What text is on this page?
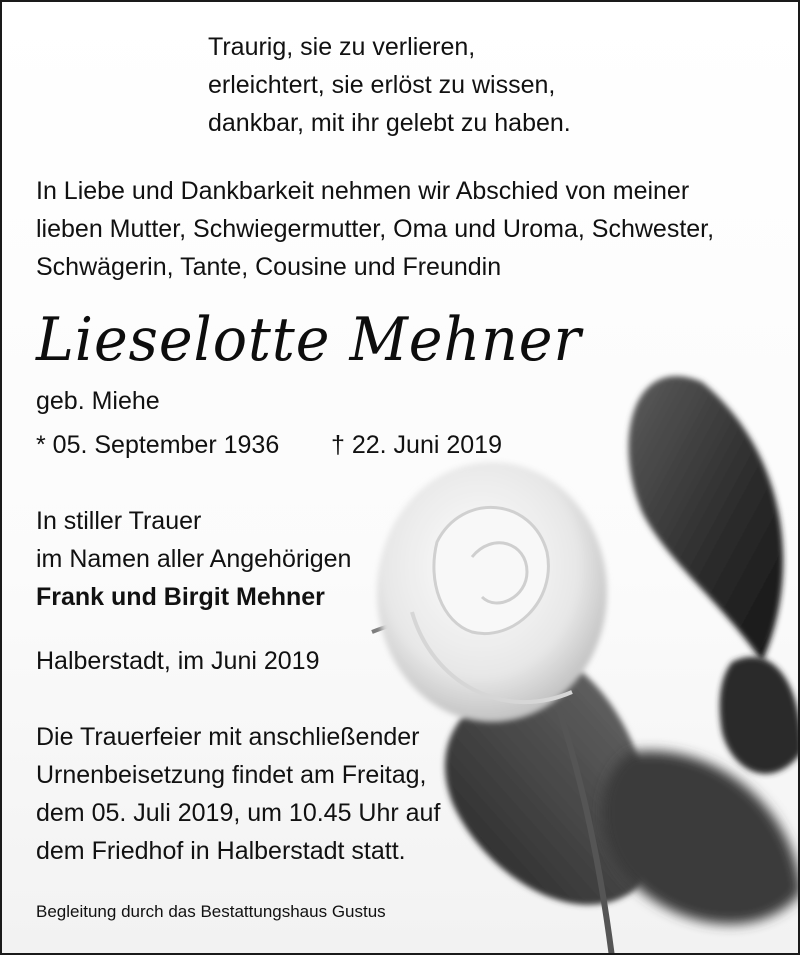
Traurig, sie zu verlieren,
erleichtert, sie erlöst zu wissen,
dankbar, mit ihr gelebt zu haben.
In Liebe und Dankbarkeit nehmen wir Abschied von meiner
lieben Mutter, Schwiegermutter, Oma und Uroma, Schwester,
Schwägerin, Tante, Cousine und Freundin
Lieselotte Mehner
geb. Miehe
* 05. September 1936 † 22. Juni 2019
In stiller Trauer
im Namen aller Angehörigen
Frank und Birgit Mehner
Halberstadt, im Juni 2019
Die Trauerfeier mit anschließender
Urnenbeisetzung findet am Freitag,
dem 05. Juli 2019, um 10.45 Uhr auf
dem Friedhof in Halberstadt statt.
Begleitung durch das Bestattungshaus Gustus
